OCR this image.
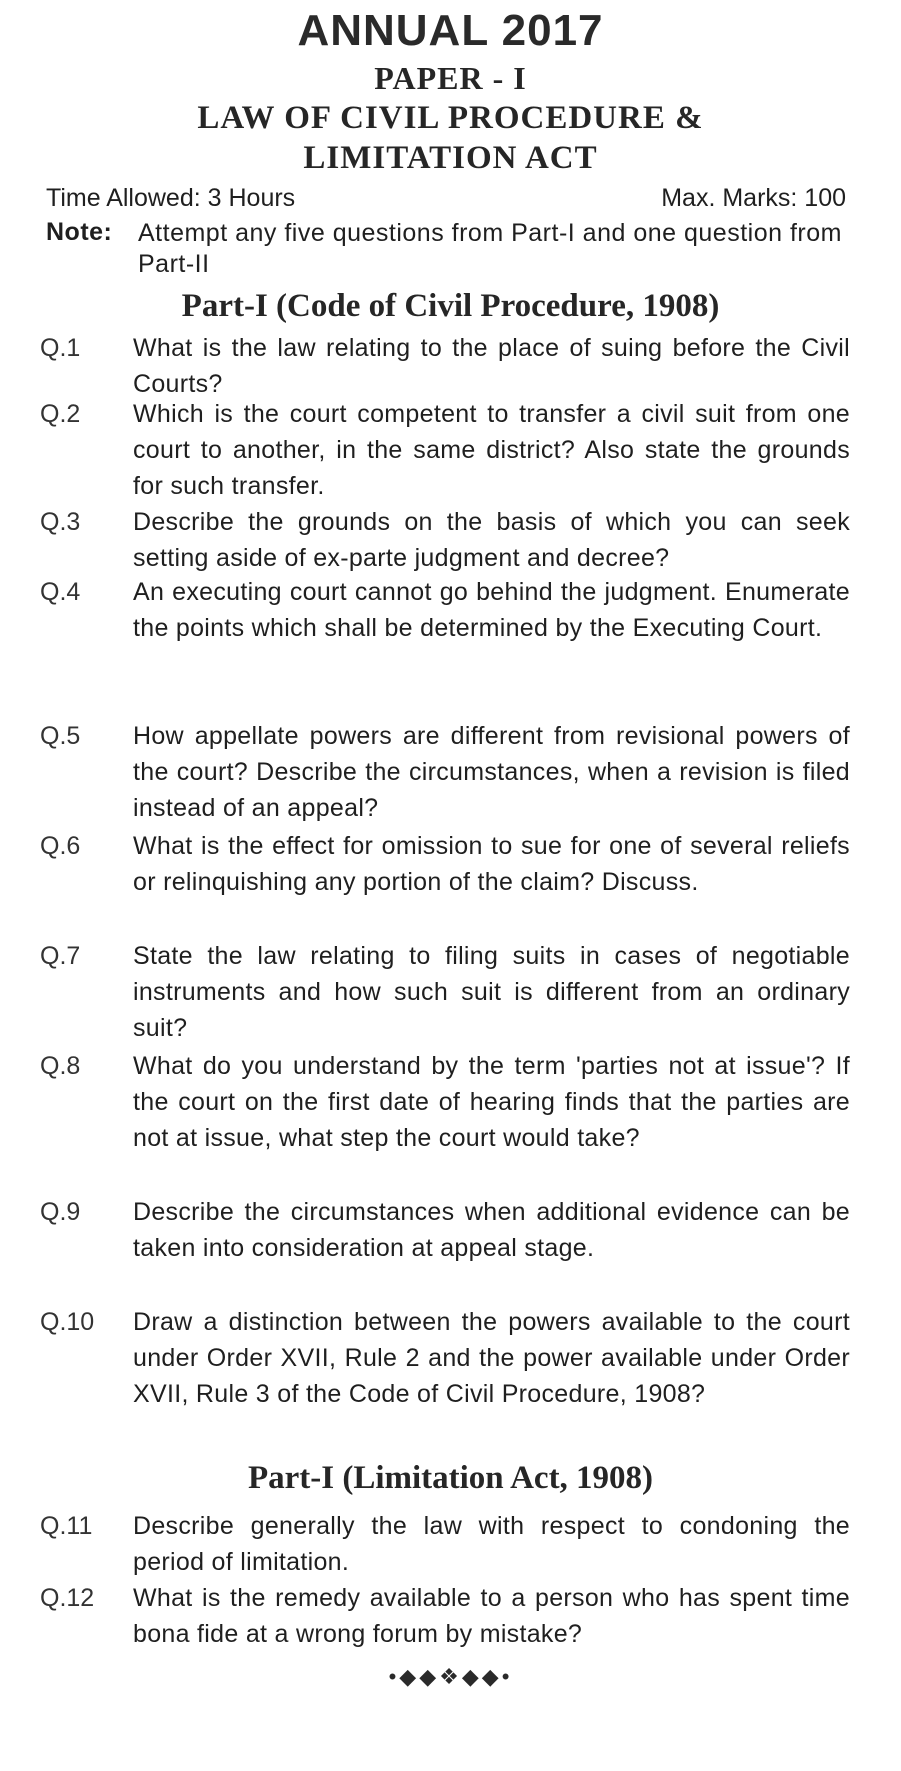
ANNUAL 2017
PAPER - I
LAW OF CIVIL PROCEDURE &
LIMITATION ACT
Time Allowed: 3 Hours	Max. Marks: 100
Note:	Attempt any five questions from Part-I and one question from Part-II
Part-I (Code of Civil Procedure, 1908)
Q.1	What is the law relating to the place of suing before the Civil Courts?
Q.2	Which is the court competent to transfer a civil suit from one court to another, in the same district? Also state the grounds for such transfer.
Q.3	Describe the grounds on the basis of which you can seek setting aside of ex-parte judgment and decree?
Q.4	An executing court cannot go behind the judgment. Enumerate the points which shall be determined by the Executing Court.
Q.5	How appellate powers are different from revisional powers of the court? Describe the circumstances, when a revision is filed instead of an appeal?
Q.6	What is the effect for omission to sue for one of several reliefs or relinquishing any portion of the claim? Discuss.
Q.7	State the law relating to filing suits in cases of negotiable instruments and how such suit is different from an ordinary suit?
Q.8	What do you understand by the term 'parties not at issue'? If the court on the first date of hearing finds that the parties are not at issue, what step the court would take?
Q.9	Describe the circumstances when additional evidence can be taken into consideration at appeal stage.
Q.10	Draw a distinction between the powers available to the court under Order XVII, Rule 2 and the power available under Order XVII, Rule 3 of the Code of Civil Procedure, 1908?
Part-I (Limitation Act, 1908)
Q.11	Describe generally the law with respect to condoning the period of limitation.
Q.12	What is the remedy available to a person who has spent time bona fide at a wrong forum by mistake?
•◆◆❖◆◆•
